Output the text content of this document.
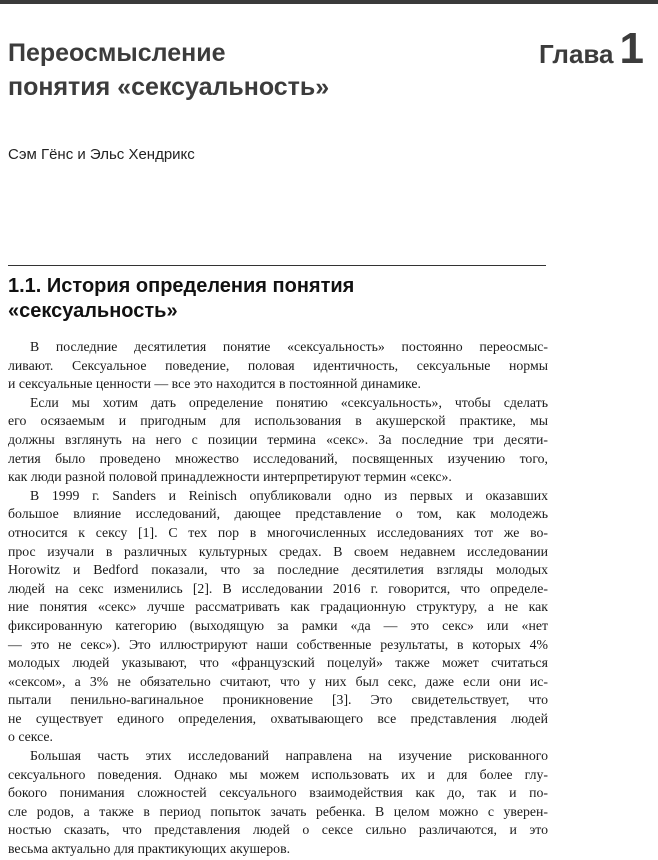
Переосмысление
понятия «сексуальность»
Глава 1
Сэм Гёнс и Эльс Хендрикс
1.1. История определения понятия
«сексуальность»
В последние десятилетия понятие «сексуальность» постоянно переосмыс-
ливают. Сексуальное поведение, половая идентичность, сексуальные нормы
и сексуальные ценности — все это находится в постоянной динамике.
Если мы хотим дать определение понятию «сексуальность», чтобы сделать
его осязаемым и пригодным для использования в акушерской практике, мы
должны взглянуть на него с позиции термина «секс». За последние три десяти-
летия было проведено множество исследований, посвященных изучению того,
как люди разной половой принадлежности интерпретируют термин «секс».
В 1999 г. Sanders и Reinisch опубликовали одно из первых и оказавших
большое влияние исследований, дающее представление о том, как молодежь
относится к сексу [1]. С тех пор в многочисленных исследованиях тот же во-
прос изучали в различных культурных средах. В своем недавнем исследовании
Horowitz и Bedford показали, что за последние десятилетия взгляды молодых
людей на секс изменились [2]. В исследовании 2016 г. говорится, что определе-
ние понятия «секс» лучше рассматривать как градационную структуру, а не как
фиксированную категорию (выходящую за рамки «да — это секс» или «нет
— это не секс»). Это иллюстрируют наши собственные результаты, в которых 4%
молодых людей указывают, что «французский поцелуй» также может считаться
«сексом», а 3% не обязательно считают, что у них был секс, даже если они ис-
пытали пенильно-вагинальное проникновение [3]. Это свидетельствует, что
не существует единого определения, охватывающего все представления людей
о сексе.
Большая часть этих исследований направлена на изучение рискованного
сексуального поведения. Однако мы можем использовать их и для более глу-
бокого понимания сложностей сексуального взаимодействия как до, так и по-
сле родов, а также в период попыток зачать ребенка. В целом можно с уверен-
ностью сказать, что представления людей о сексе сильно различаются, и это
весьма актуально для практикующих акушеров.
